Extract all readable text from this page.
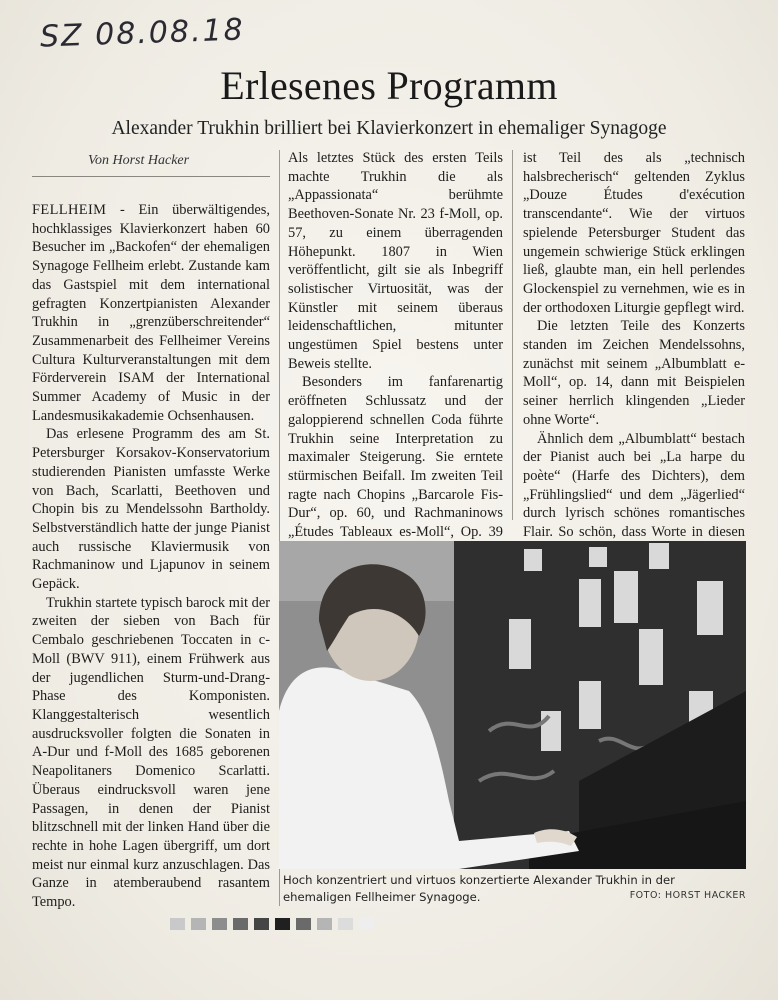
SZ 08.08.18
Erlesenes Programm
Alexander Trukhin brilliert bei Klavierkonzert in ehemaliger Synagoge
Von Horst Hacker

FELLHEIM - Ein überwältigendes, hochklassiges Klavierkonzert haben 60 Besucher im „Backofen“ der ehemaligen Synagoge Fellheim erlebt. Zustande kam das Gastspiel mit dem international gefragten Konzertpianisten Alexander Trukhin in „grenzüberschreitender“ Zusammenarbeit des Fellheimer Vereins Cultura Kulturveranstaltungen mit dem Förderverein ISAM der International Summer Academy of Music in der Landesmusikakademie Ochsenhausen.

Das erlesene Programm des am St. Petersburger Korsakov-Konservatorium studierenden Pianisten umfasste Werke von Bach, Scarlatti, Beethoven und Chopin bis zu Mendelssohn Bartholdy. Selbstverständlich hatte der junge Pianist auch russische Klaviermusik von Rachmaninow und Ljapunov in seinem Gepäck.

Trukhin startete typisch barock mit der zweiten der sieben von Bach für Cembalo geschriebenen Toccaten in c-Moll (BWV 911), einem Frühwerk aus der jugendlichen Sturm-und-Drang-Phase des Komponisten. Klanggestalterisch wesentlich ausdrucksvoller folgten die Sonaten in A-Dur und f-Moll des 1685 geborenen Neapolitaners Domenico Scarlatti. Überaus eindrucksvoll waren jene Passagen, in denen der Pianist blitzschnell mit der linken Hand über die rechte in hohe Lagen übergriff, um dort meist nur einmal kurz anzuschlagen. Das Ganze in atemberaubend rasantem Tempo.

Als letztes Stück des ersten Teils machte Trukhin die als „Appassionata“ berühmte Beethoven-Sonate Nr. 23 f-Moll, op. 57, zu einem überragenden Höhepunkt. 1807 in Wien veröffentlicht, gilt sie als Inbegriff solistischer Virtuosität, was der Künstler mit seinem überaus leidenschaftlichen, mitunter ungestümen Spiel bestens unter Beweis stellte.

Besonders im fanfarenartig eröffneten Schlussatz und der galoppierend schnellen Coda führte Trukhin seine Interpretation zu maximaler Steigerung. Sie erntete stürmischen Beifall. Im zweiten Teil ragte nach Chopins „Barcarole Fis-Dur“, op. 60, und Rachmaninows „Études Tableaux es-Moll“, Op. 39

ist Teil des als „technisch halsbrecherisch“ geltenden Zyklus „Douze Études d'exécution transcendante“. Wie der virtuos spielende Petersburger Student das ungemein schwierige Stück erklingen ließ, glaubte man, ein hell perlendes Glockenspiel zu vernehmen, wie es in der orthodoxen Liturgie gepflegt wird.

Die letzten Teile des Konzerts standen im Zeichen Mendelssohns, zunächst mit seinem „Albumblatt e-Moll“, op. 14, dann mit Beispielen seiner herrlich klingenden „Lieder ohne Worte“.

Ähnlich dem „Albumblatt“ bestach der Pianist auch bei „La harpe du poète“ (Harfe des Dichters), dem „Frühlingslied“ und dem „Jägerlied“ durch lyrisch schönes romantisches Flair. So schön, dass Worte in diesen

Hoch konzentriert und virtuos konzertierte Alexander Trukhin in der ehemaligen Fellheimer Synagoge.	FOTO: HORST HACKER
